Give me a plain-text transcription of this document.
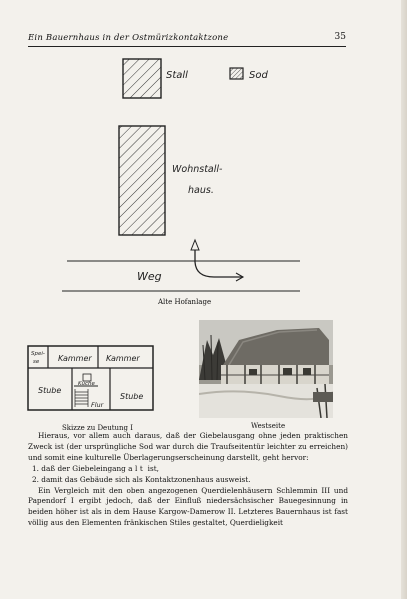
Ein Bauernhaus in der Ostmürizkontaktzone	35
Stall	Sod
Wohnstall-
haus.
Weg
Alte Hofanlage
Spei-
se Kammer Kammer
Stube
Küche
Flur
Stube
Skizze zu Deutung I	Westseite

Hieraus, vor allem auch daraus, daß der Giebelausgang ohne jeden praktischen Zweck ist (der ursprüngliche Sod war durch die Traufseitentür leichter zu erreichen) und somit eine kulturelle Überlagerungserscheinung darstellt, geht hervor:

1. daß der Giebeleingang alt ist,

2. damit das Gebäude sich als Kontaktzonenhaus ausweist.

Ein Vergleich mit den oben angezogenen Querdielenhäusern Schlemmin III und Papendorf I ergibt jedoch, daß der Einfluß niedersächsischer Bauegesinnung in beiden höher ist als in dem Hause Kargow-Damerow II. Letzteres Bauernhaus ist fast völlig aus den Elementen fränkischen Stiles gestaltet, Querdieligkeit
